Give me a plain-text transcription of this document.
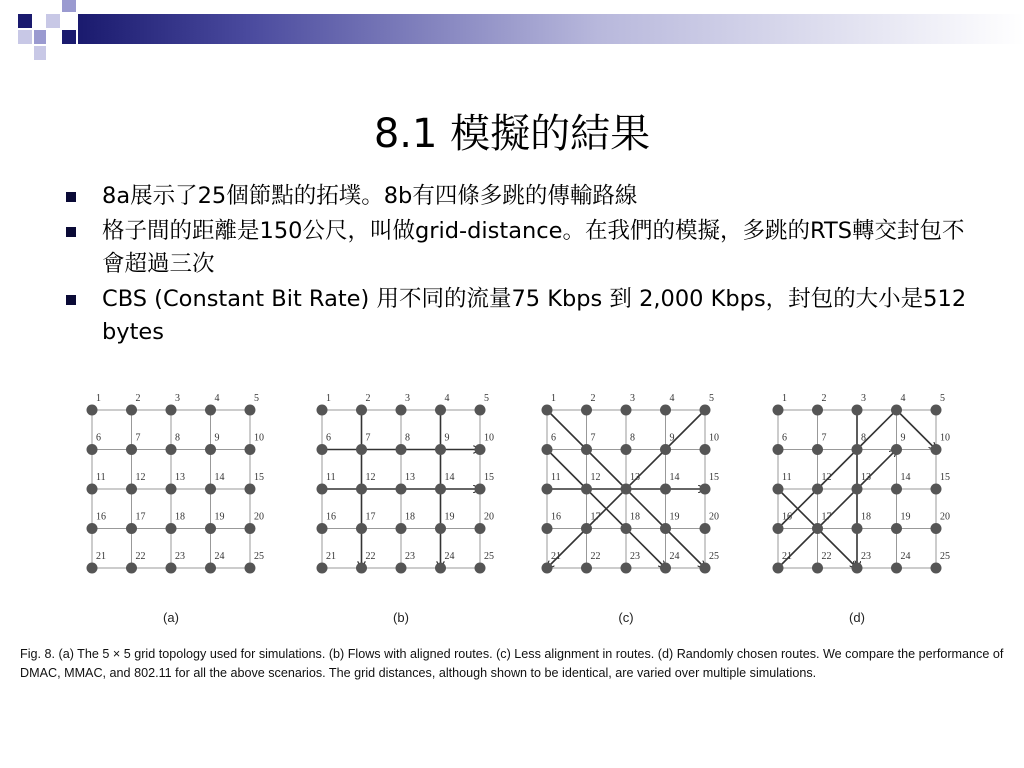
8.1 模擬的結果
8a展示了25個節點的拓墣。8b有四條多跳的傳輸路線
格子間的距離是150公尺，叫做grid-distance。在我們的模擬，多跳的RTS轉交封包不會超過三次
CBS (Constant Bit Rate) 用不同的流量75 Kbps 到 2,000 Kbps，封包的大小是512 bytes
1	2	3	4	5
6	7	8	9	10
11	12	13	14	15
16	17	18	19	20
21	22	23	24	25
(a)
1	2	3	4	5
6	7	8	9	10
11	12	13	14	15
16	17	18	19	20
21	22	23	24	25
(b)
1	2	3	4	5
6	7	8	9	10
11	12	13	14	15
16	17	18	19	20
21	22	23	24	25
(c)
1	2	3	4	5
6	7	8	9	10
11	12	13	14	15
16	17	18	19	20
21	22	23	24	25
(d)
Fig. 8. (a) The 5 × 5 grid topology used for simulations. (b) Flows with aligned routes. (c) Less alignment in routes. (d) Randomly chosen routes. We compare the performance of DMAC, MMAC, and 802.11 for all the above scenarios. The grid distances, although shown to be identical, are varied over multiple simulations.
